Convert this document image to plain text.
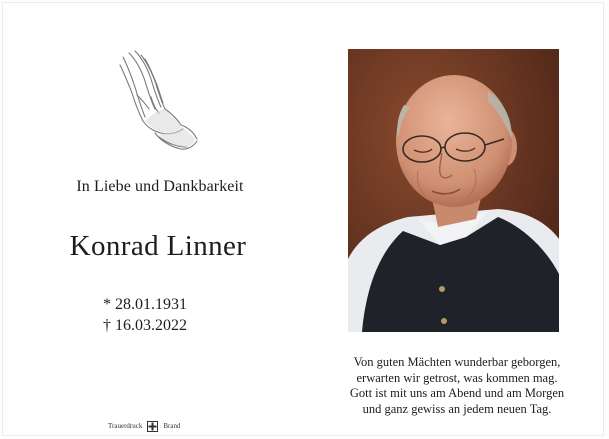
In Liebe und Dankbarkeit
Konrad Linner
* 28.01.1931
† 16.03.2022
Von guten Mächten wunderbar geborgen,
erwarten wir getrost, was kommen mag.
Gott ist mit uns am Abend und am Morgen
und ganz gewiss an jedem neuen Tag.
Trauerdruck	Brand
